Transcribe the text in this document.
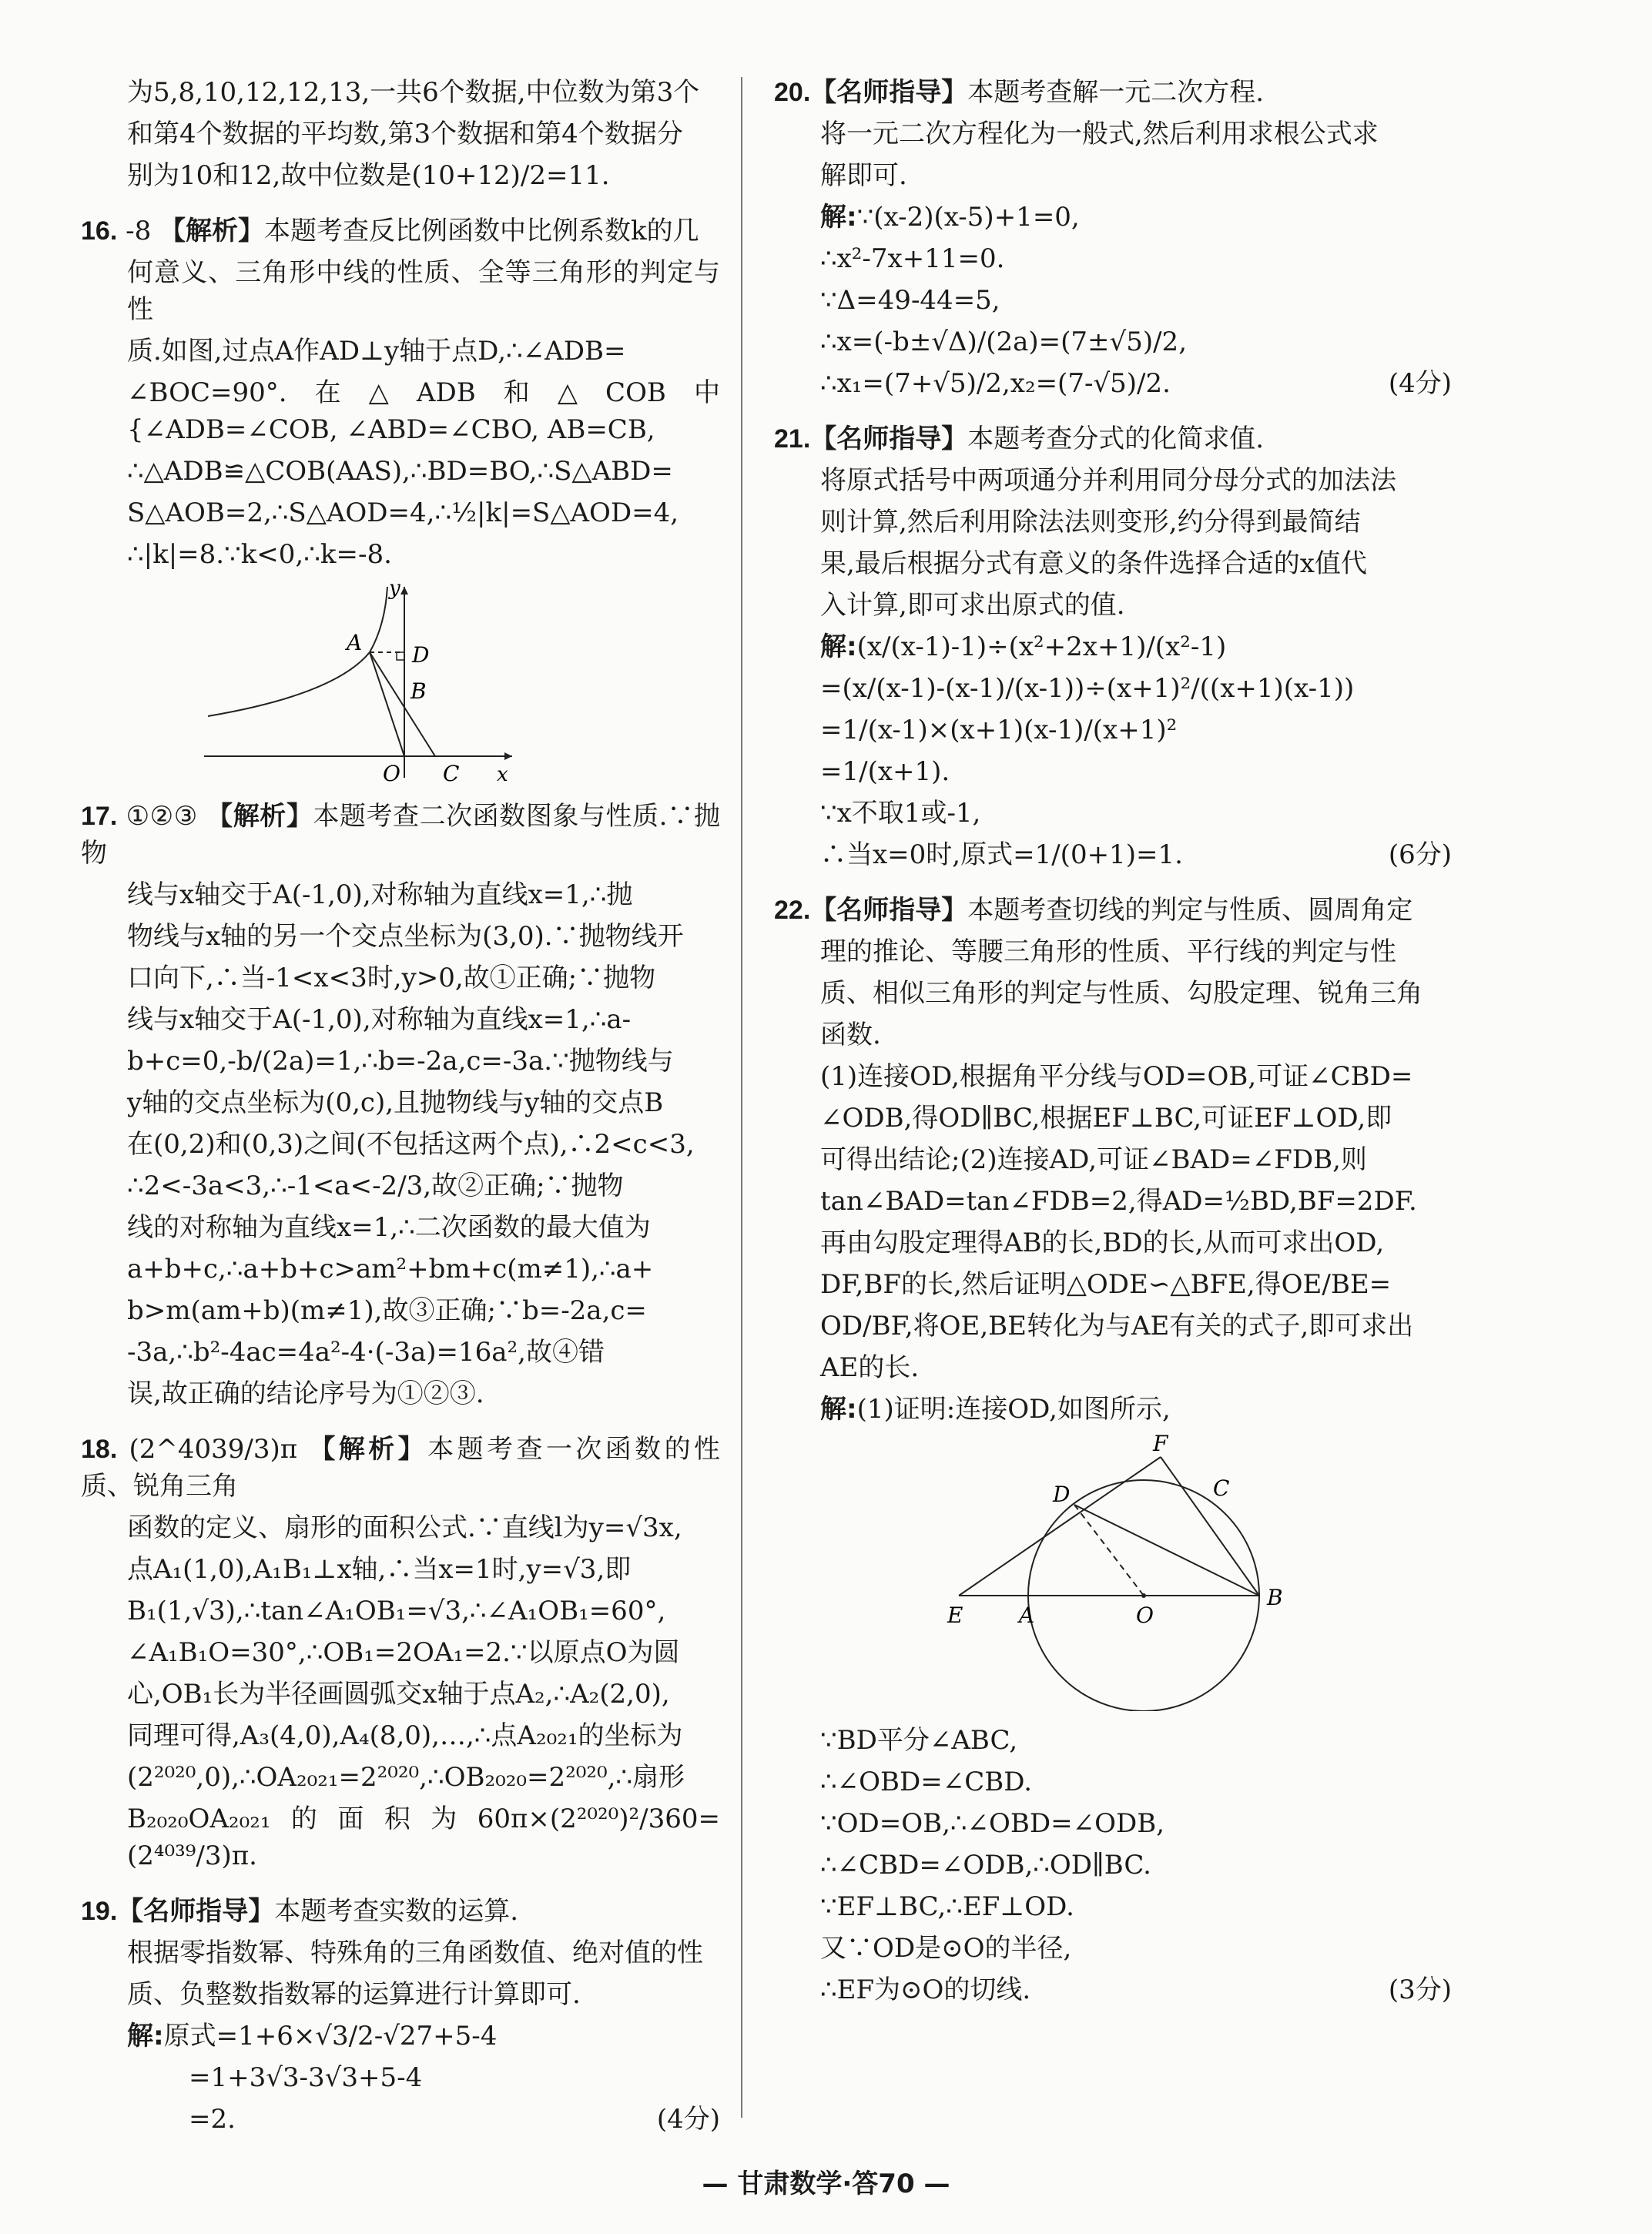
为5,8,10,12,12,13,一共6个数据,中位数为第3个

和第4个数据的平均数,第3个数据和第4个数据分

别为10和12,故中位数是(10+12)/2=11.

16. -8 【解析】本题考查反比例函数中比例系数k的几

何意义、三角形中线的性质、全等三角形的判定与性

质.如图,过点A作AD⊥y轴于点D,∴∠ADB=

∠BOC=90°.在△ADB和△COB中{∠ADB=∠COB, ∠ABD=∠CBO, AB=CB,

∴△ADB≌△COB(AAS),∴BD=BO,∴S△ABD=

S△AOB=2,∴S△AOD=4,∴½|k|=S△AOD=4,

∴|k|=8.∵k<0,∴k=-8.

y
A D
B
O C x

17. ①②③ 【解析】本题考查二次函数图象与性质.∵抛物

线与x轴交于A(-1,0),对称轴为直线x=1,∴抛

物线与x轴的另一个交点坐标为(3,0).∵抛物线开

口向下,∴当-1<x<3时,y>0,故①正确;∵抛物

线与x轴交于A(-1,0),对称轴为直线x=1,∴a-

b+c=0,-b/(2a)=1,∴b=-2a,c=-3a.∵抛物线与

y轴的交点坐标为(0,c),且抛物线与y轴的交点B

在(0,2)和(0,3)之间(不包括这两个点),∴2<c<3,

∴2<-3a<3,∴-1<a<-2/3,故②正确;∵抛物

线的对称轴为直线x=1,∴二次函数的最大值为

a+b+c,∴a+b+c>am²+bm+c(m≠1),∴a+

b>m(am+b)(m≠1),故③正确;∵b=-2a,c=

-3a,∴b²-4ac=4a²-4·(-3a)=16a²,故④错

误,故正确的结论序号为①②③.

18. (2^4039/3)π 【解析】本题考查一次函数的性质、锐角三角

函数的定义、扇形的面积公式.∵直线l为y=√3x,

点A₁(1,0),A₁B₁⊥x轴,∴当x=1时,y=√3,即

B₁(1,√3),∴tan∠A₁OB₁=√3,∴∠A₁OB₁=60°,

∠A₁B₁O=30°,∴OB₁=2OA₁=2.∵以原点O为圆

心,OB₁长为半径画圆弧交x轴于点A₂,∴A₂(2,0),

同理可得,A₃(4,0),A₄(8,0),…,∴点A₂₀₂₁的坐标为

(2²⁰²⁰,0),∴OA₂₀₂₁=2²⁰²⁰,∴OB₂₀₂₀=2²⁰²⁰,∴扇形

B₂₀₂₀OA₂₀₂₁的面积为60π×(2²⁰²⁰)²/360=(2⁴⁰³⁹/3)π.

19.【名师指导】本题考查实数的运算.

根据零指数幂、特殊角的三角函数值、绝对值的性

质、负整数指数幂的运算进行计算即可.

解:原式=1+6×√3/2-√27+5-4

=1+3√3-3√3+5-4

=2.	(4分)

20.【名师指导】本题考查解一元二次方程.

将一元二次方程化为一般式,然后利用求根公式求

解即可.

解:∵(x-2)(x-5)+1=0,

∴x²-7x+11=0.

∵Δ=49-44=5,

∴x=(-b±√Δ)/(2a)=(7±√5)/2,

∴x₁=(7+√5)/2,x₂=(7-√5)/2.	(4分)

21.【名师指导】本题考查分式的化简求值.

将原式括号中两项通分并利用同分母分式的加法法

则计算,然后利用除法法则变形,约分得到最简结

果,最后根据分式有意义的条件选择合适的x值代

入计算,即可求出原式的值.

解:(x/(x-1)-1)÷(x²+2x+1)/(x²-1)

=(x/(x-1)-(x-1)/(x-1))÷(x+1)²/((x+1)(x-1))

=1/(x-1)×(x+1)(x-1)/(x+1)²

=1/(x+1).

∵x不取1或-1,

∴当x=0时,原式=1/(0+1)=1.	(6分)

22.【名师指导】本题考查切线的判定与性质、圆周角定

理的推论、等腰三角形的性质、平行线的判定与性

质、相似三角形的判定与性质、勾股定理、锐角三角

函数.

(1)连接OD,根据角平分线与OD=OB,可证∠CBD=

∠ODB,得OD∥BC,根据EF⊥BC,可证EF⊥OD,即

可得出结论;(2)连接AD,可证∠BAD=∠FDB,则

tan∠BAD=tan∠FDB=2,得AD=½BD,BF=2DF.

再由勾股定理得AB的长,BD的长,从而可求出OD,

DF,BF的长,然后证明△ODE∽△BFE,得OE/BE=

OD/BF,将OE,BE转化为与AE有关的式子,即可求出

AE的长.

解:(1)证明:连接OD,如图所示,

F
C
D
E	A	O
B

∵BD平分∠ABC,

∴∠OBD=∠CBD.

∵OD=OB,∴∠OBD=∠ODB,

∴∠CBD=∠ODB,∴OD∥BC.

∵EF⊥BC,∴EF⊥OD.

又∵OD是⊙O的半径,

∴EF为⊙O的切线.	(3分)

— 甘肃数学·答70 —
